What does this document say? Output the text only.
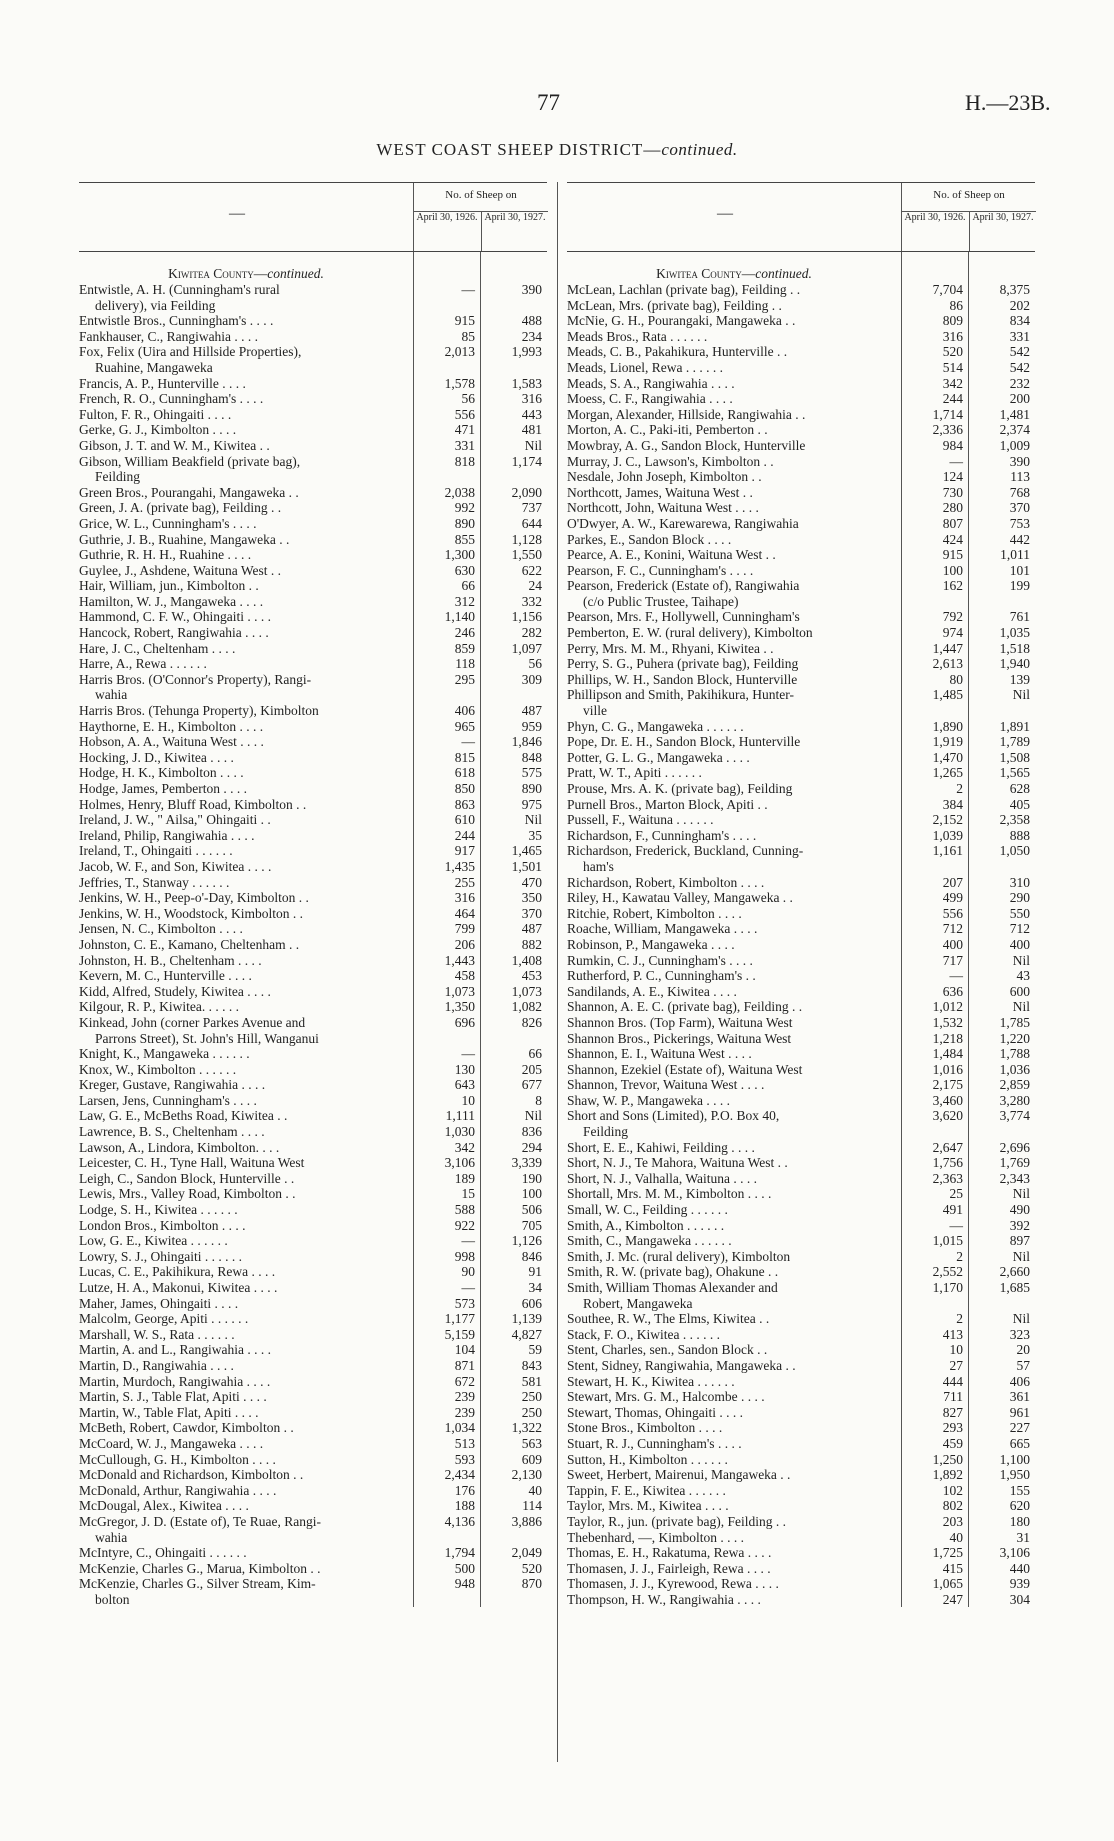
77	H.—23B.
WEST COAST SHEEP DISTRICT—continued.
—
No. of Sheep on
April 30, 1926. April 30, 1927.
Kiwitea County—continued.
Entwistle, A. H. (Cunningham's rural
delivery), via Feilding
—	390
Entwistle Bros., Cunningham's . . . .	915	488
Fankhauser, C., Rangiwahia . . . .	85	234
Fox, Felix (Uira and Hillside Properties),
Ruahine, Mangaweka
2,013	1,993
Francis, A. P., Hunterville . . . .	1,578	1,583
French, R. O., Cunningham's . . . .	56	316
Fulton, F. R., Ohingaiti . . . .	556	443
Gerke, G. J., Kimbolton . . . .	471	481
Gibson, J. T. and W. M., Kiwitea . .	331	Nil
Gibson, William Beakfield (private bag),
Feilding
818	1,174
Green Bros., Pourangahi, Mangaweka . .	2,038	2,090
Green, J. A. (private bag), Feilding . .	992	737
Grice, W. L., Cunningham's . . . .	890	644
Guthrie, J. B., Ruahine, Mangaweka . .	855	1,128
Guthrie, R. H. H., Ruahine . . . .	1,300	1,550
Guylee, J., Ashdene, Waituna West . .	630	622
Hair, William, jun., Kimbolton . .	66	24
Hamilton, W. J., Mangaweka . . . .	312	332
Hammond, C. F. W., Ohingaiti . . . .	1,140	1,156
Hancock, Robert, Rangiwahia . . . .	246	282
Hare, J. C., Cheltenham . . . .	859	1,097
Harre, A., Rewa . . . . . .	118	56
Harris Bros. (O'Connor's Property), Rangi-
wahia
295	309
Harris Bros. (Tehunga Property), Kimbolton	406	487
Haythorne, E. H., Kimbolton . . . .	965	959
Hobson, A. A., Waituna West . . . .	—	1,846
Hocking, J. D., Kiwitea . . . .	815	848
Hodge, H. K., Kimbolton . . . .	618	575
Hodge, James, Pemberton . . . .	850	890
Holmes, Henry, Bluff Road, Kimbolton . .	863	975
Ireland, J. W., " Ailsa," Ohingaiti . .	610	Nil
Ireland, Philip, Rangiwahia . . . .	244	35
Ireland, T., Ohingaiti . . . . . .	917	1,465
Jacob, W. F., and Son, Kiwitea . . . .	1,435	1,501
Jeffries, T., Stanway . . . . . .	255	470
Jenkins, W. H., Peep-o'-Day, Kimbolton . .	316	350
Jenkins, W. H., Woodstock, Kimbolton . .	464	370
Jensen, N. C., Kimbolton . . . .	799	487
Johnston, C. E., Kamano, Cheltenham . .	206	882
Johnston, H. B., Cheltenham . . . .	1,443	1,408
Kevern, M. C., Hunterville . . . .	458	453
Kidd, Alfred, Studely, Kiwitea . . . .	1,073	1,073
Kilgour, R. P., Kiwitea. . . . . .	1,350	1,082
Kinkead, John (corner Parkes Avenue and
Parrons Street), St. John's Hill, Wanganui
696	826
Knight, K., Mangaweka . . . . . .	—	66
Knox, W., Kimbolton . . . . . .	130	205
Kreger, Gustave, Rangiwahia . . . .	643	677
Larsen, Jens, Cunningham's . . . .	10	8
Law, G. E., McBeths Road, Kiwitea . .	1,111	Nil
Lawrence, B. S., Cheltenham . . . .	1,030	836
Lawson, A., Lindora, Kimbolton. . . .	342	294
Leicester, C. H., Tyne Hall, Waituna West	3,106	3,339
Leigh, C., Sandon Block, Hunterville . .	189	190
Lewis, Mrs., Valley Road, Kimbolton . .	15	100
Lodge, S. H., Kiwitea . . . . . .	588	506
London Bros., Kimbolton . . . .	922	705
Low, G. E., Kiwitea . . . . . .	—	1,126
Lowry, S. J., Ohingaiti . . . . . .	998	846
Lucas, C. E., Pakihikura, Rewa . . . .	90	91
Lutze, H. A., Makonui, Kiwitea . . . .	—	34
Maher, James, Ohingaiti . . . .	573	606
Malcolm, George, Apiti . . . . . .	1,177	1,139
Marshall, W. S., Rata . . . . . .	5,159	4,827
Martin, A. and L., Rangiwahia . . . .	104	59
Martin, D., Rangiwahia . . . .	871	843
Martin, Murdoch, Rangiwahia . . . .	672	581
Martin, S. J., Table Flat, Apiti . . . .	239	250
Martin, W., Table Flat, Apiti . . . .	239	250
McBeth, Robert, Cawdor, Kimbolton . .	1,034	1,322
McCoard, W. J., Mangaweka . . . .	513	563
McCullough, G. H., Kimbolton . . . .	593	609
McDonald and Richardson, Kimbolton . .	2,434	2,130
McDonald, Arthur, Rangiwahia . . . .	176	40
McDougal, Alex., Kiwitea . . . .	188	114
McGregor, J. D. (Estate of), Te Ruae, Rangi-
wahia
4,136	3,886
McIntyre, C., Ohingaiti . . . . . .	1,794	2,049
McKenzie, Charles G., Marua, Kimbolton . .	500	520
McKenzie, Charles G., Silver Stream, Kim-
bolton
948	870
—
No. of Sheep on
April 30, 1926. April 30, 1927.
Kiwitea County—continued.
McLean, Lachlan (private bag), Feilding . .	7,704	8,375
McLean, Mrs. (private bag), Feilding . .	86	202
McNie, G. H., Pourangaki, Mangaweka . .	809	834
Meads Bros., Rata . . . . . .	316	331
Meads, C. B., Pakahikura, Hunterville . .	520	542
Meads, Lionel, Rewa . . . . . .	514	542
Meads, S. A., Rangiwahia . . . .	342	232
Moess, C. F., Rangiwahia . . . .	244	200
Morgan, Alexander, Hillside, Rangiwahia . .	1,714	1,481
Morton, A. C., Paki-iti, Pemberton . .	2,336	2,374
Mowbray, A. G., Sandon Block, Hunterville	984	1,009
Murray, J. C., Lawson's, Kimbolton . .	—	390
Nesdale, John Joseph, Kimbolton . .	124	113
Northcott, James, Waituna West . .	730	768
Northcott, John, Waituna West . . . .	280	370
O'Dwyer, A. W., Karewarewa, Rangiwahia	807	753
Parkes, E., Sandon Block . . . .	424	442
Pearce, A. E., Konini, Waituna West . .	915	1,011
Pearson, F. C., Cunningham's . . . .	100	101
Pearson, Frederick (Estate of), Rangiwahia
(c/o Public Trustee, Taihape)
162	199
Pearson, Mrs. F., Hollywell, Cunningham's	792	761
Pemberton, E. W. (rural delivery), Kimbolton	974	1,035
Perry, Mrs. M. M., Rhyani, Kiwitea . .	1,447	1,518
Perry, S. G., Puhera (private bag), Feilding	2,613	1,940
Phillips, W. H., Sandon Block, Hunterville	80	139
Phillipson and Smith, Pakihikura, Hunter-
ville
1,485	Nil
Phyn, C. G., Mangaweka . . . . . .	1,890	1,891
Pope, Dr. E. H., Sandon Block, Hunterville	1,919	1,789
Potter, G. L. G., Mangaweka . . . .	1,470	1,508
Pratt, W. T., Apiti . . . . . .	1,265	1,565
Prouse, Mrs. A. K. (private bag), Feilding	2	628
Purnell Bros., Marton Block, Apiti . .	384	405
Pussell, F., Waituna . . . . . .	2,152	2,358
Richardson, F., Cunningham's . . . .	1,039	888
Richardson, Frederick, Buckland, Cunning-
ham's
1,161	1,050
Richardson, Robert, Kimbolton . . . .	207	310
Riley, H., Kawatau Valley, Mangaweka . .	499	290
Ritchie, Robert, Kimbolton . . . .	556	550
Roache, William, Mangaweka . . . .	712	712
Robinson, P., Mangaweka . . . .	400	400
Rumkin, C. J., Cunningham's . . . .	717	Nil
Rutherford, P. C., Cunningham's . .	—	43
Sandilands, A. E., Kiwitea . . . .	636	600
Shannon, A. E. C. (private bag), Feilding . .	1,012	Nil
Shannon Bros. (Top Farm), Waituna West	1,532	1,785
Shannon Bros., Pickerings, Waituna West	1,218	1,220
Shannon, E. I., Waituna West . . . .	1,484	1,788
Shannon, Ezekiel (Estate of), Waituna West	1,016	1,036
Shannon, Trevor, Waituna West . . . .	2,175	2,859
Shaw, W. P., Mangaweka . . . .	3,460	3,280
Short and Sons (Limited), P.O. Box 40,
Feilding
3,620	3,774
Short, E. E., Kahiwi, Feilding . . . .	2,647	2,696
Short, N. J., Te Mahora, Waituna West . .	1,756	1,769
Short, N. J., Valhalla, Waituna . . . .	2,363	2,343
Shortall, Mrs. M. M., Kimbolton . . . .	25	Nil
Small, W. C., Feilding . . . . . .	491	490
Smith, A., Kimbolton . . . . . .	—	392
Smith, C., Mangaweka . . . . . .	1,015	897
Smith, J. Mc. (rural delivery), Kimbolton	2	Nil
Smith, R. W. (private bag), Ohakune . .	2,552	2,660
Smith, William Thomas Alexander and
Robert, Mangaweka
1,170	1,685
Southee, R. W., The Elms, Kiwitea . .	2	Nil
Stack, F. O., Kiwitea . . . . . .	413	323
Stent, Charles, sen., Sandon Block . .	10	20
Stent, Sidney, Rangiwahia, Mangaweka . .	27	57
Stewart, H. K., Kiwitea . . . . . .	444	406
Stewart, Mrs. G. M., Halcombe . . . .	711	361
Stewart, Thomas, Ohingaiti . . . .	827	961
Stone Bros., Kimbolton . . . .	293	227
Stuart, R. J., Cunningham's . . . .	459	665
Sutton, H., Kimbolton . . . . . .	1,250	1,100
Sweet, Herbert, Mairenui, Mangaweka . .	1,892	1,950
Tappin, F. E., Kiwitea . . . . . .	102	155
Taylor, Mrs. M., Kiwitea . . . .	802	620
Taylor, R., jun. (private bag), Feilding . .	203	180
Thebenhard, —, Kimbolton . . . .	40	31
Thomas, E. H., Rakatuma, Rewa . . . .	1,725	3,106
Thomasen, J. J., Fairleigh, Rewa . . . .	415	440
Thomasen, J. J., Kyrewood, Rewa . . . .	1,065	939
Thompson, H. W., Rangiwahia . . . .	247	304
